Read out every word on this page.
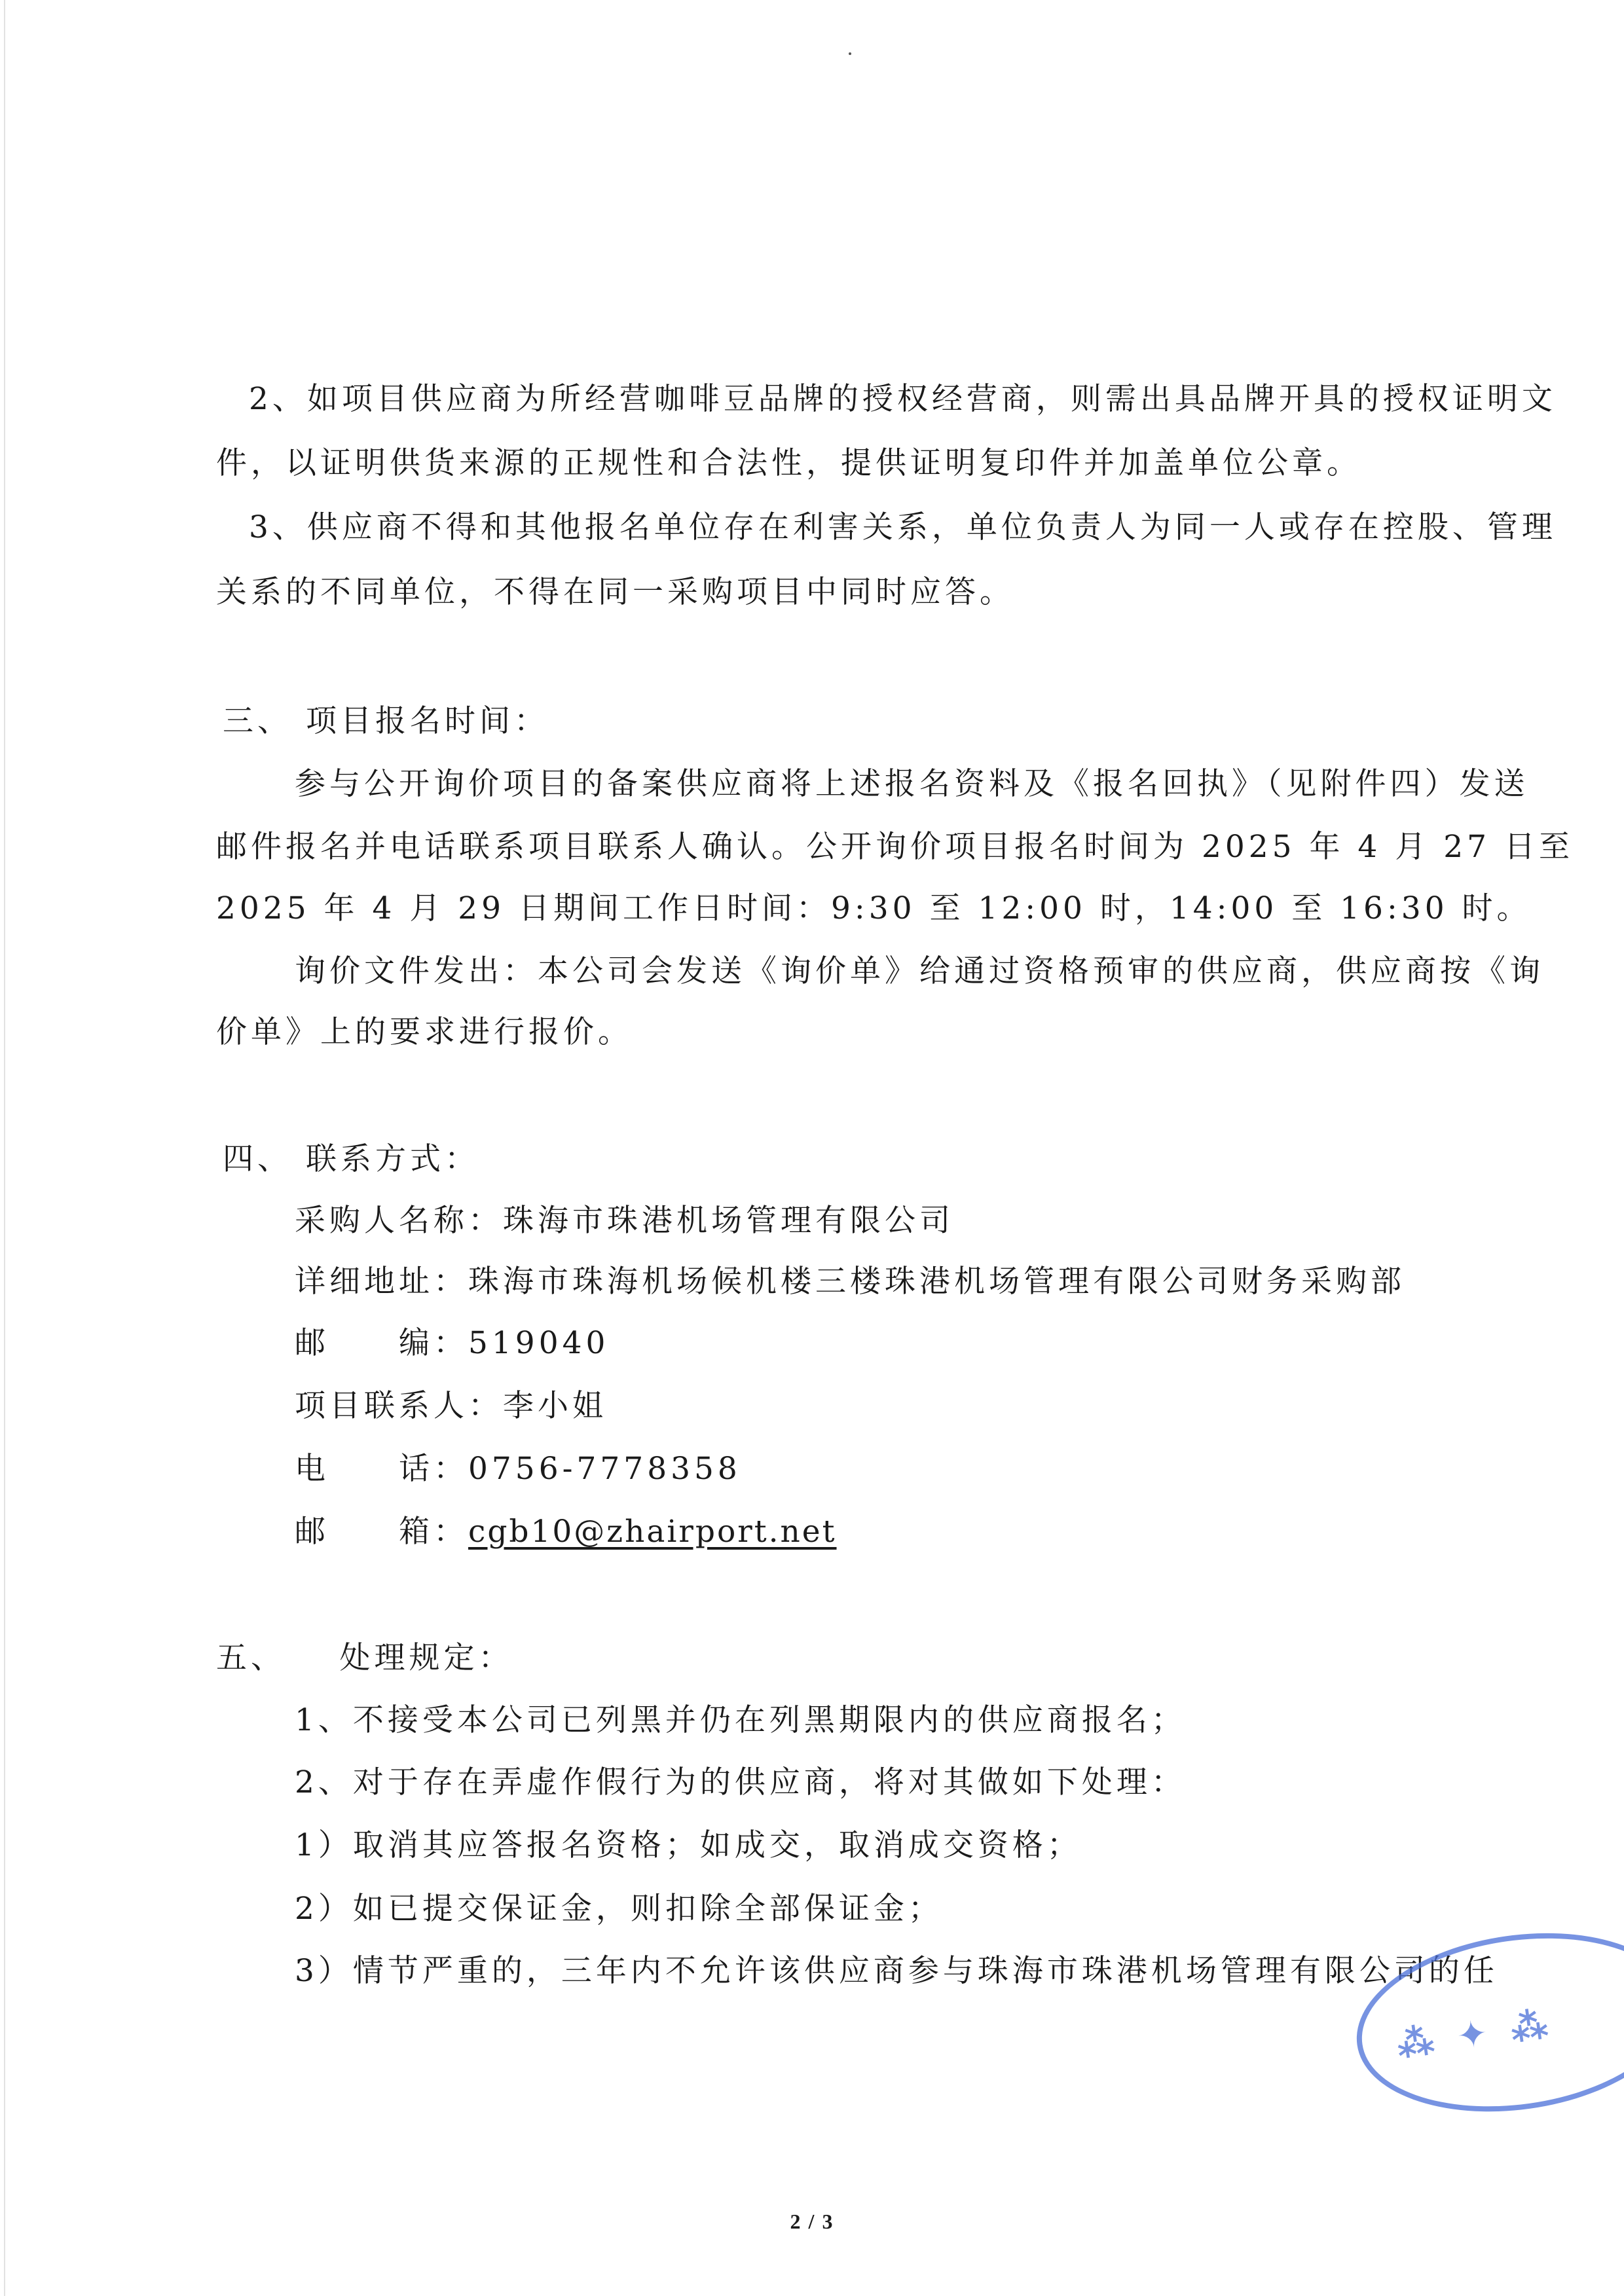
2、如项目供应商为所经营咖啡豆品牌的授权经营商，则需出具品牌开具的授权证明文
件，以证明供货来源的正规性和合法性，提供证明复印件并加盖单位公章。
3、供应商不得和其他报名单位存在利害关系，单位负责人为同一人或存在控股、管理
关系的不同单位，不得在同一采购项目中同时应答。
三、 项目报名时间：
参与公开询价项目的备案供应商将上述报名资料及《报名回执》（见附件四）发送
邮件报名并电话联系项目联系人确认。公开询价项目报名时间为 2025 年 4 月 27 日至
2025 年 4 月 29 日期间工作日时间：9:30 至 12:00 时，14:00 至 16:30 时。
询价文件发出：本公司会发送《询价单》给通过资格预审的供应商，供应商按《询
价单》上的要求进行报价。
四、 联系方式：
采购人名称：珠海市珠港机场管理有限公司
详细地址：珠海市珠海机场候机楼三楼珠港机场管理有限公司财务采购部
邮　　编：519040
项目联系人：李小姐
电　　话：0756-7778358
邮　　箱：cgb10@zhairport.net
五、　　处理规定：
1、不接受本公司已列黑并仍在列黑期限内的供应商报名；
2、对于存在弄虚作假行为的供应商，将对其做如下处理：
1）取消其应答报名资格；如成交，取消成交资格；
2）如已提交保证金，则扣除全部保证金；
3）情节严重的，三年内不允许该供应商参与珠海市珠港机场管理有限公司的任
⁂ ✦ ⁂
2 / 3
